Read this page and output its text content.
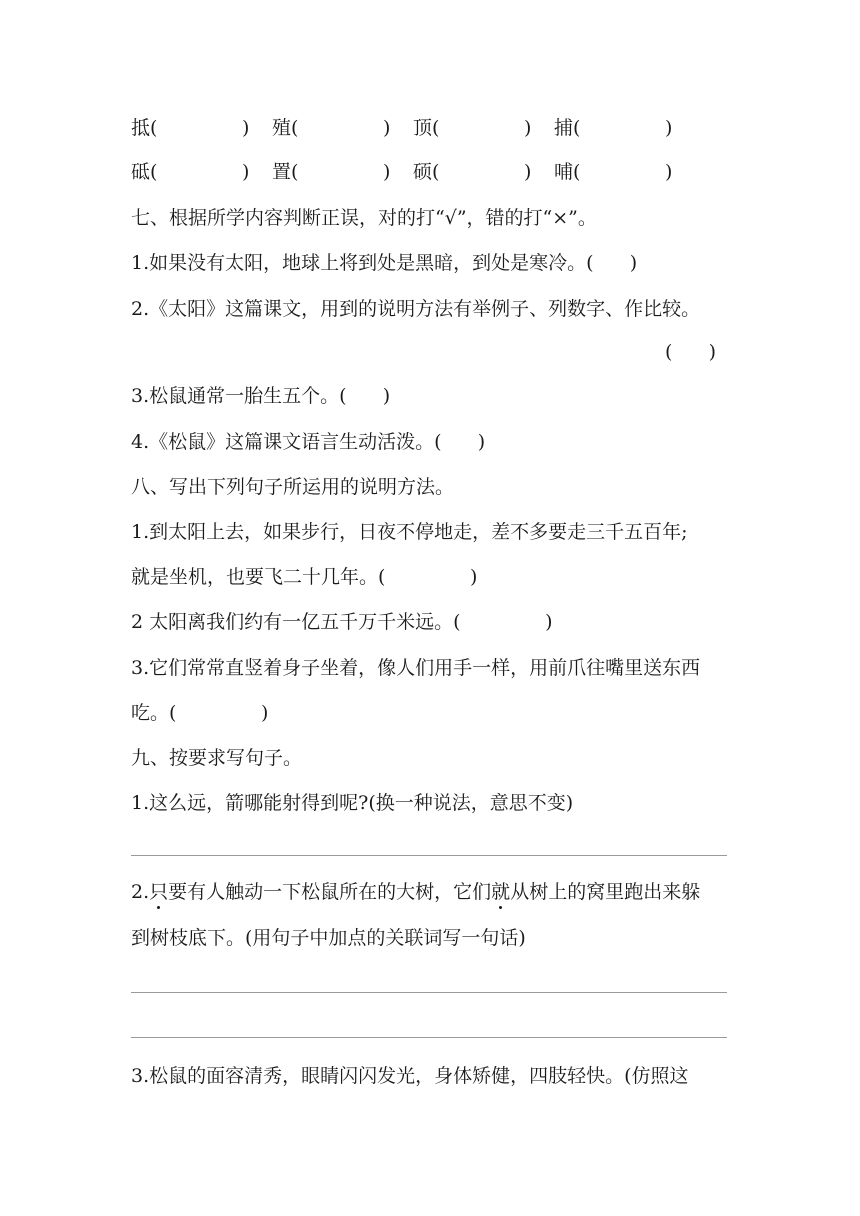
抵(              ) 殖(              ) 顶(              ) 捕(              )
砥(              ) 置(              ) 硕(              ) 哺(              )

七、根据所学内容判断正误，对的打“√”，错的打“×”。

1.如果没有太阳，地球上将到处是黑暗，到处是寒冷。(      )

2.《太阳》这篇课文，用到的说明方法有举例子、列数字、作比较。

(      )

3.松鼠通常一胎生五个。(      )

4.《松鼠》这篇课文语言生动活泼。(      )

八、写出下列句子所运用的说明方法。

1.到太阳上去，如果步行，日夜不停地走，差不多要走三千五百年;

就是坐机，也要飞二十几年。(              )

2 太阳离我们约有一亿五千万千米远。(              )

3.它们常常直竖着身子坐着，像人们用手一样，用前爪往嘴里送东西

吃。(              )

九、按要求写句子。

1.这么远，箭哪能射得到呢?(换一种说法，意思不变)

2.只要有人触动一下松鼠所在的大树，它们就从树上的窝里跑出来躲

到树枝底下。(用句子中加点的关联词写一句话)

3.松鼠的面容清秀，眼睛闪闪发光，身体矫健，四肢轻快。(仿照这
